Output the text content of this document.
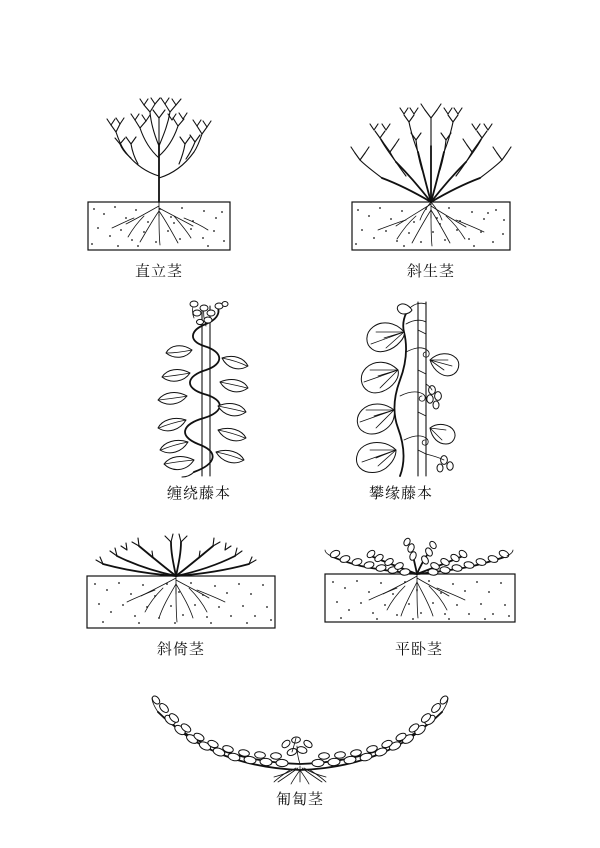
直立茎	斜生茎
缠绕藤本	攀缘藤本
斜倚茎	平卧茎
匍匐茎
